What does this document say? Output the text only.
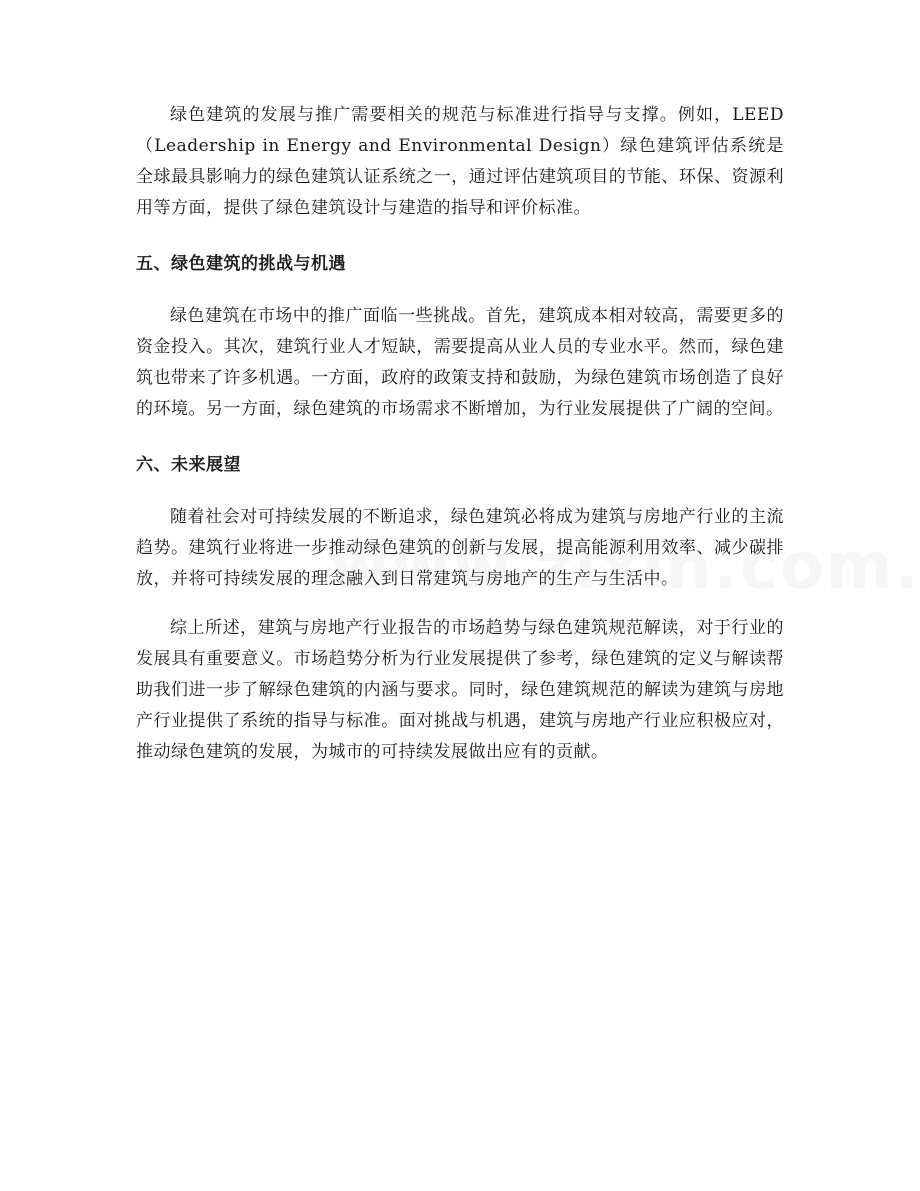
绿色建筑的发展与推广需要相关的规范与标准进行指导与支撑。例如，LEED（Leadership in Energy and Environmental Design）绿色建筑评估系统是全球最具影响力的绿色建筑认证系统之一，通过评估建筑项目的节能、环保、资源利用等方面，提供了绿色建筑设计与建造的指导和评价标准。

五、绿色建筑的挑战与机遇

绿色建筑在市场中的推广面临一些挑战。首先，建筑成本相对较高，需要更多的资金投入。其次，建筑行业人才短缺，需要提高从业人员的专业水平。然而，绿色建筑也带来了许多机遇。一方面，政府的政策支持和鼓励，为绿色建筑市场创造了良好的环境。另一方面，绿色建筑的市场需求不断增加，为行业发展提供了广阔的空间。

六、未来展望

随着社会对可持续发展的不断追求，绿色建筑必将成为建筑与房地产行业的主流趋势。建筑行业将进一步推动绿色建筑的创新与发展，提高能源利用效率、减少碳排放，并将可持续发展的理念融入到日常建筑与房地产的生产与生活中。

综上所述，建筑与房地产行业报告的市场趋势与绿色建筑规范解读，对于行业的发展具有重要意义。市场趋势分析为行业发展提供了参考，绿色建筑的定义与解读帮助我们进一步了解绿色建筑的内涵与要求。同时，绿色建筑规范的解读为建筑与房地产行业提供了系统的指导与标准。面对挑战与机遇，建筑与房地产行业应积极应对，推动绿色建筑的发展，为城市的可持续发展做出应有的贡献。
